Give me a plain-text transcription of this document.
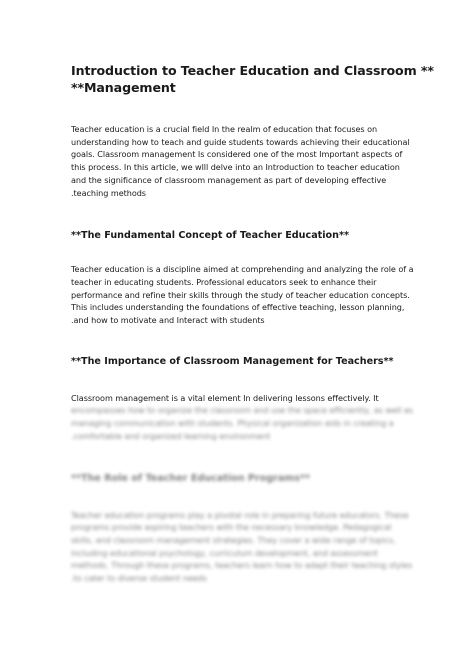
Introduction to Teacher Education and Classroom **
**Management

Teacher education is a crucial field In the realm of education that focuses on
understanding how to teach and guide students towards achieving their educational
goals. Classroom management Is considered one of the most Important aspects of
this process. In this article, we wlll delve into an Introduction to teacher education
and the significance of classroom management as part of developing effective
.teaching methods

**The Fundamental Concept of Teacher Education**

Teacher education is a discipline aimed at comprehending and analyzing the role of a
teacher in educating students. Professional educators seek to enhance their
performance and refine their skills through the study of teacher education concepts.
This includes understanding the foundations of effective teaching, lesson planning,
.and how to motivate and Interact with students

**The Importance of Classroom Management for Teachers**

Classroom management is a vital element In delivering lessons effectively. It
encompasses how to organize the classroom and use the space efficiently, as well as
managing communication with students. Physical organization aids in creating a
.comfortable and organized learning environment

**The Role of Teacher Education Programs**

Teacher education programs play a pivotal role in preparing future educators. These
programs provide aspiring teachers with the necessary knowledge. Pedagogical
skills, and classroom management strategies. They cover a wide range of topics,
including educational psychology, curriculum development, and assessment
methods. Through these programs, teachers learn how to adapt their teaching styles
.to cater to diverse student needs
